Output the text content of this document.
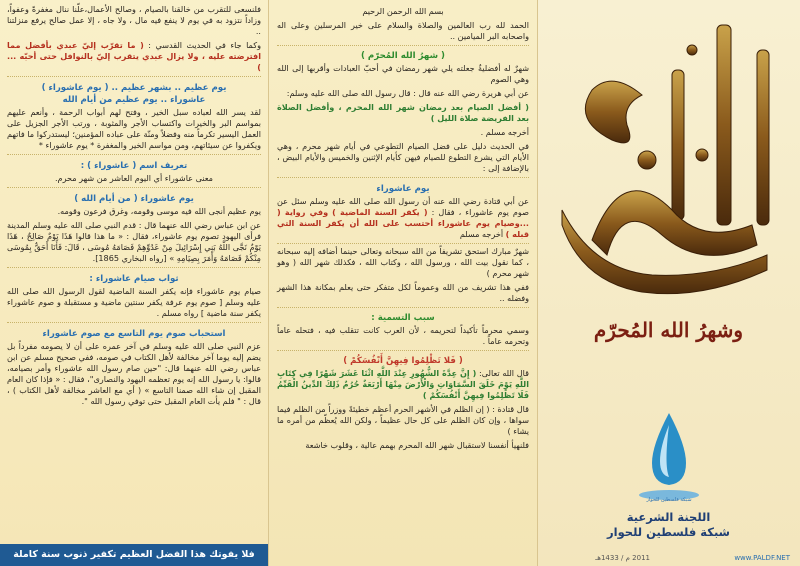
وشهرُ الله المُحرّم
شبكة فلسطين للحوار
اللجنة الشرعية
شبكة فلسطين للحوار
2011 م / 1433هـ	www.PALDF.NET

بسم الله الرحمن الرحيم

الحمد لله رب العالمين والصلاة والسلام على خير المرسلين وعلى اله واصحابه البر الميامين ..

( شهرُ الله المُحرّم )

شهرٌ له أفضليةٌ جعلته يلي شهر رمضان في أحبّ العبادات وأقربها إلى الله وهي الصوم

عن أبي هريرة رضي الله عنه قال : قال رسول الله صلى الله عليه وسلم:

( أفضل الصيام بعد رمضان شهر الله المحرم ، وأفضل الصلاة بعد الفريضة صلاة الليل )

أخرجه مسلم .

في الحديث دليل على فضل الصيام التطوعي في أيام شهر محرم ، وهي الأيام التي يشرع التطوع للصيام فيهن كأيام الإثنين والخميس والأيام البيض ، بالإضافة إلى :

يوم عاشوراء

عن أبي قتادة رضي الله عنه أن رسول الله صلى الله عليه وسلم سئل عن صوم يوم عاشوراء ، فقال : ( يكفر السنة الماضية ) وفي رواية ( ...وصيام يوم عاشوراء أحتسب على الله أن يكفر السنة التي قبله ) أخرجه مسلم

شهرٌ مبارك استحق تشريفاً من الله سبحانه وتعالى حينما أضافه إليه سبحانه ، كما نقول بيت الله ، ورسول الله ، وكتاب الله ، فكذلك شهر الله ( وهو شهر محرم )

ففي هذا تشريف من الله وعموماً لكل متفكر حتى يعلم بمكانة هذا الشهر وفضله ..

سبب التسمية :

وسمي محرماً تأكيداً لتحريمه ، لأن العرب كانت تتقلب فيه ، فتحله عاماً وتحرمه عاماً .

( فَلا تَظْلِمُوا فِيهِنَّ أَنْفُسَكُمْ )

قال الله تعالى: ( إِنَّ عِدَّةَ الشُّهُورِ عِنْدَ اللَّهِ اثْنَا عَشَرَ شَهْرًا فِي كِتَابِ اللَّهِ يَوْمَ خَلَقَ السَّمَاوَاتِ وَالْأَرْضَ مِنْهَا أَرْبَعَةٌ حُرُمٌ ذَلِكَ الدِّينُ الْقَيِّمُ فَلَا تَظْلِمُوا فِيهِنَّ أَنْفُسَكُمْ )

قال قتادة : ( إن الظلم في الأشهر الحرم أعظم خطيئةً ووزراً من الظلم فيما سواها ، وإن كان الظلم على كل حال عظيماً ، ولكن الله يُعظّم من أمره ما يشاء )

فلنهيأ أنفسنا لاستقبال شهر الله المحرم بهمم عالية ، وقلوب خاشعة

فلنسعى للتقرب من خالقنا بالصيام ، وصالح الأعمال،علّنا ننال مغفرةً وعفواً، وزاداً نتزود به في يوم لا ينفع فيه مال ، ولا جاه ، إلا عمل صالح يرفع منزلتنا ..

وكما جاء في الحديث القدسي : ( ما تقرّب إليّ عبدي بأفضل مما افترضته عليه ، ولا يزال عبدي يتقرب إليّ بالنوافل حتى أحبّه ... )

يوم عظيم .. بشهر عظيم .. ( يوم عاشوراء )
عاشوراء .. يوم عظيم من أيام الله

لقد يسر الله لعباده سبل الخير ، وفتح لهم أبواب الرحمة ، وأنعم عليهم بمواسم البر والخيرات واكتساب الأجر والمثوبة ، ورتب الأجر الجزيل على العمل اليسير تكرماً منه وفضلاً ومنّة على عباده المؤمنين؛ ليستدركوا ما فاتهم ويكفروا عن سيئاتهم، ومن مواسم الخير والمغفرة * يوم عاشوراء *

تعريف اسم ( عاشوراء ) :

معنى عاشوراء أي اليوم العاشر من شهر محرم.

يوم عاشوراء ( من أيام الله )

يوم عظيم أنجى الله فيه موسى وقومه، وغرق فرعون وقومه.

عن ابن عباس رضي الله عنهما قال : قدم النبي صلى الله عليه وسلم المدينة فرأى اليهود تصوم يوم عاشوراء، فقال : « ما هذا قالوا هَذَا يَوْمٌ صَالِحٌ ، هَذَا يَوْمٌ نَجَّى اللَّهُ بَنِي إِسْرَائِيلَ مِنْ عَدُوِّهِمْ فَصَامَهُ مُوسَى ، قَالَ: فَأَنَا أَحَقُّ بِمُوسَى مِنْكُمْ فَصَامَهُ وَأَمَرَ بِصِيَامِهِ » [رواه البخاري 1865].

ثواب صيام عاشوراء :

صيام يوم عاشوراء فإنه يكفر السنة الماضية لقول الرسول الله صلى الله عليه وسلم [ صوم يوم عرفة يكفر سنتين ماضية و مستقبلة و صوم عاشوراء يكفر سنة ماضية ] رواه مسلم .

استحباب صوم يوم التاسع مع صوم عاشوراء

عزم النبي صلى الله عليه وسلم في آخر عمره على أن لا يصومه مفرداً بل يضم إليه يوما آخر مخالفة لأهل الكتاب في صومه، ففي صحيح مسلم عن ابن عباس رضي الله عنهما قال: "حين صام رسول الله عاشوراء وأمر بصيامه، قالوا: يا رسول الله إنه يوم تعظمه اليهود والنصارى"، فقال : « فإذا كان العام المقبل إن شاء الله صمنا التاسع » ( أي مع العاشر مخالفة لأهل الكتاب ) ، قال : " فلم يأت العام المقبل حتى توفي رسول الله ".

فلا يفوتك هذا الفضل العظيم تكفير ذنوب سنة كاملة
